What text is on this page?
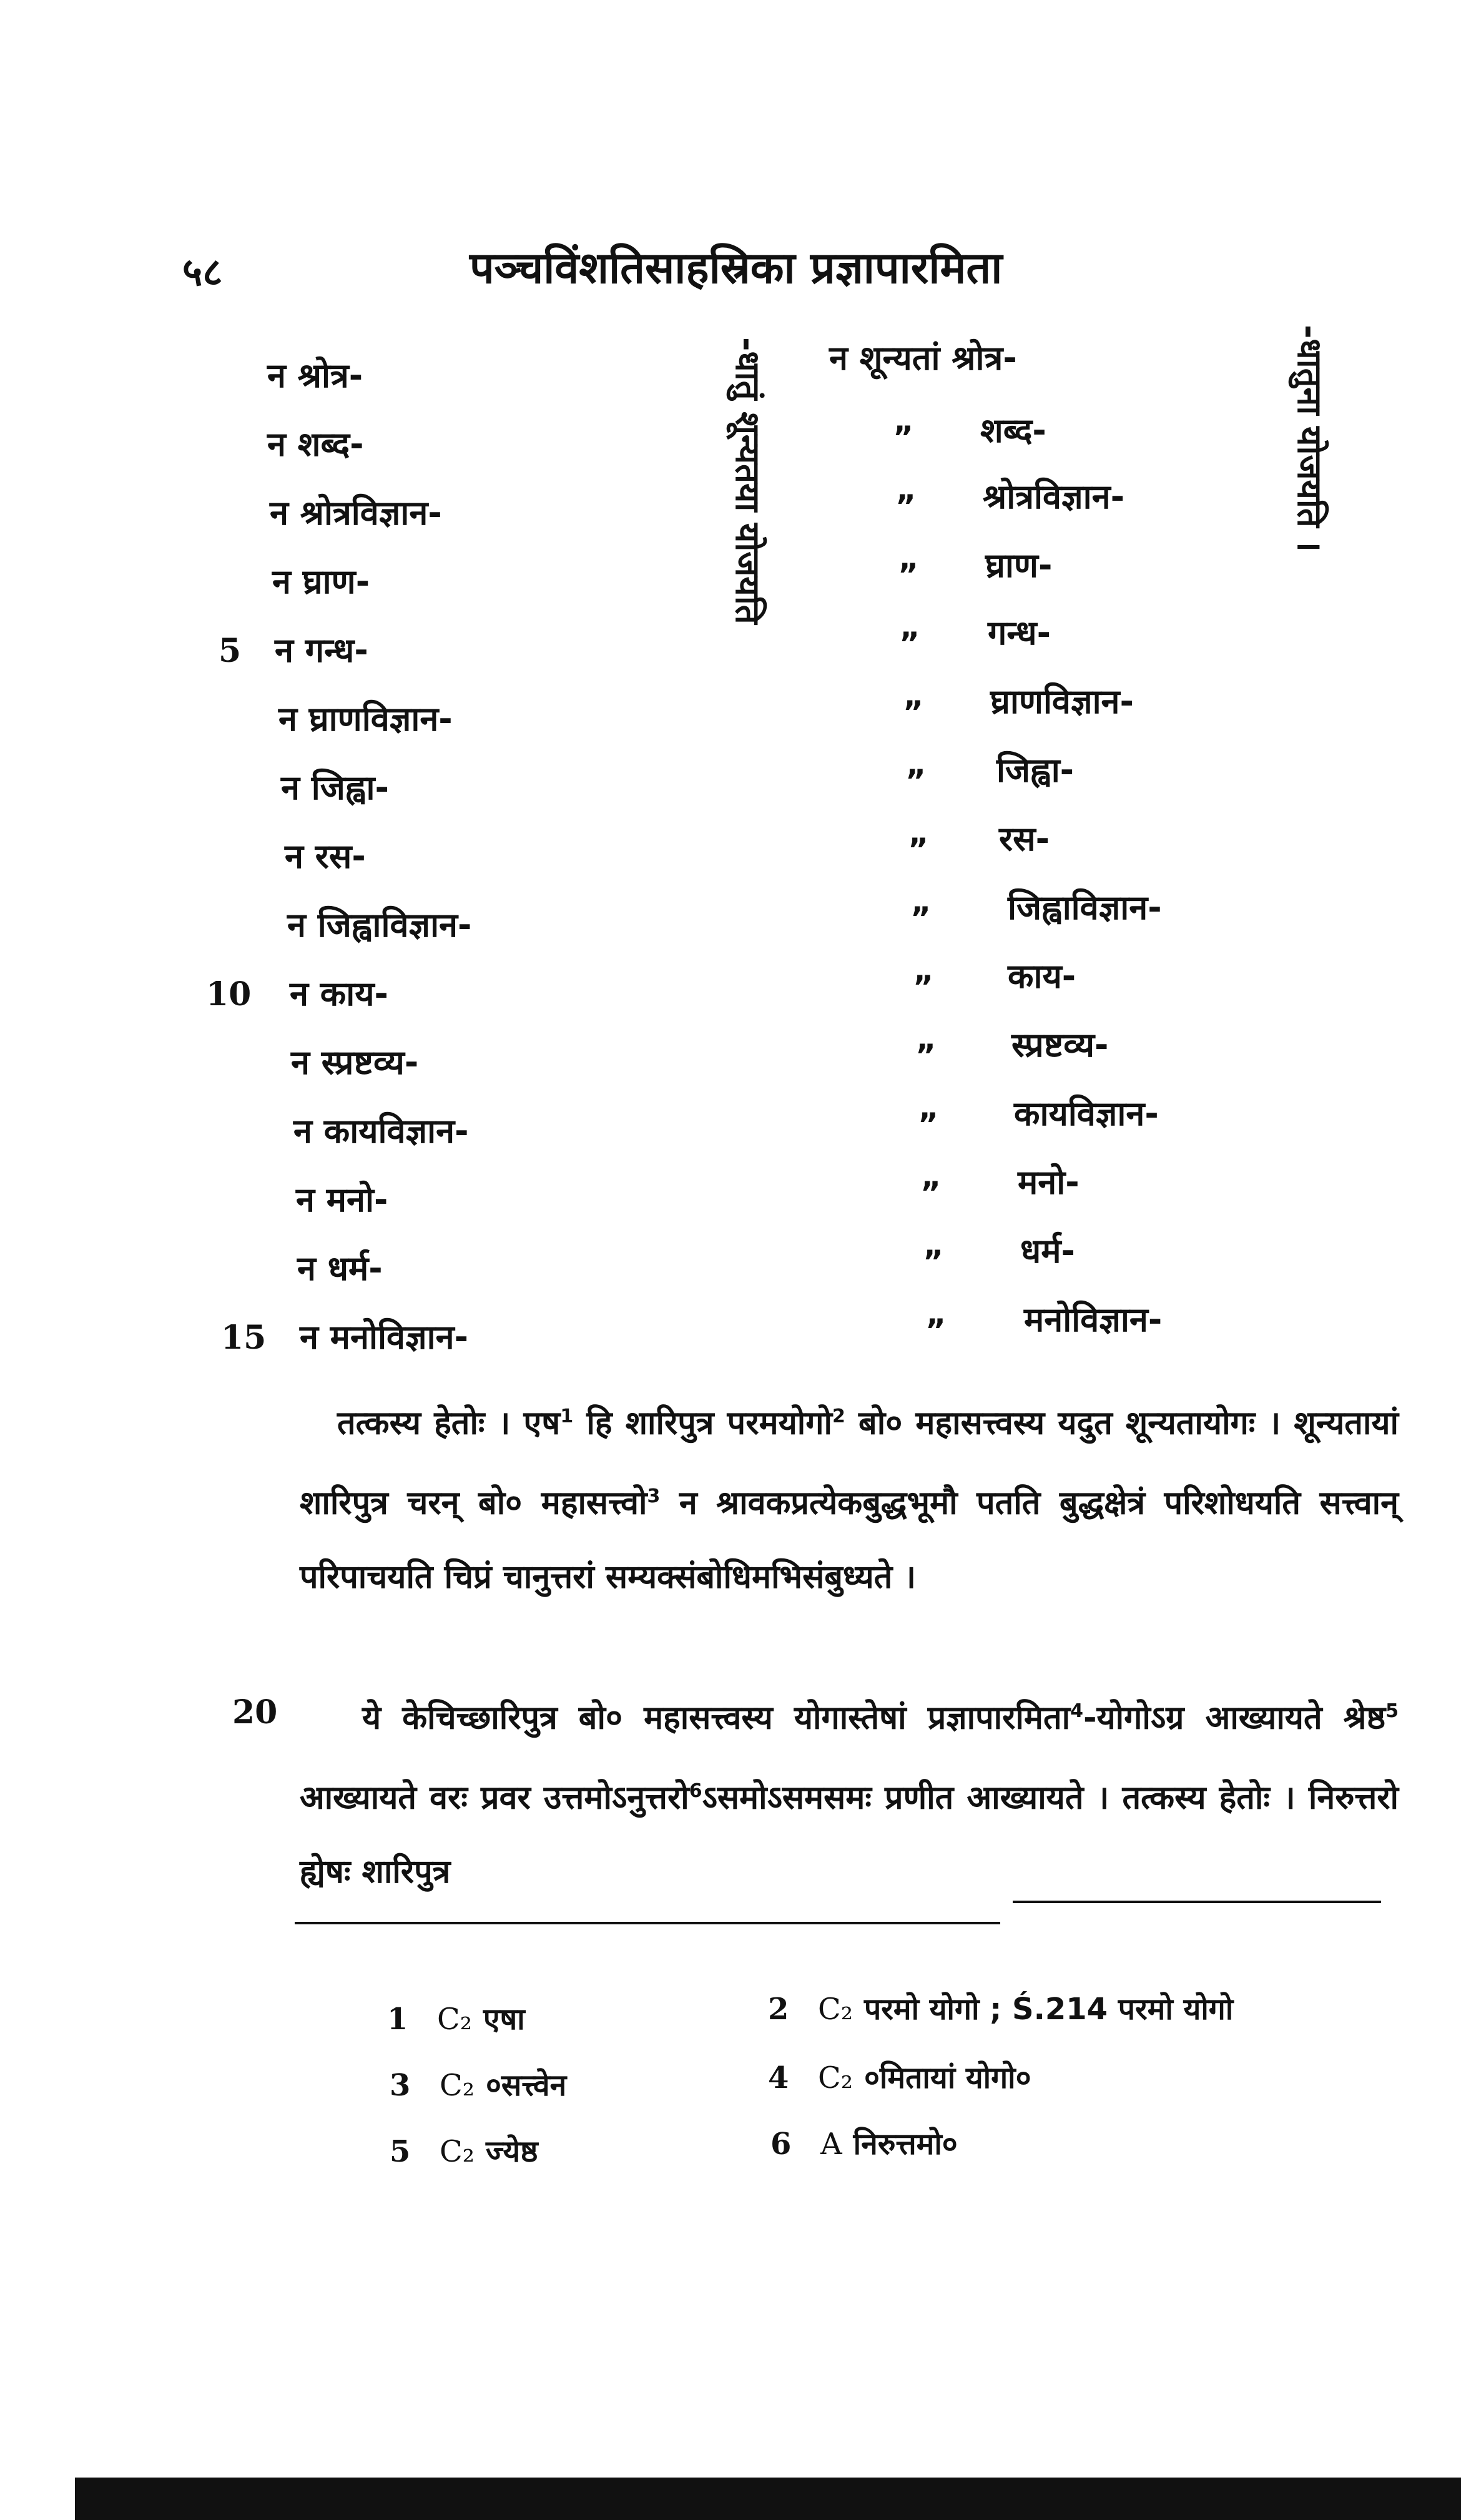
५८	पञ्चविंशतिसाहस्रिका प्रज्ञापारमिता
न श्रोत्र-
न शब्द-
न श्रोत्रविज्ञान-
न घ्राण-
न गन्ध-
न घ्राणविज्ञान-
न जिह्वा-
न रस-
न जिह्वाविज्ञान-
न काय-
न स्प्रष्टव्य-
न कायविज्ञान-
न मनो-
न धर्म-
न मनोविज्ञान-
5
10
15
20
-धातुं शून्यतया योजयति	-धातुना योजयति ।
न शून्यतां श्रोत्र-
” शब्द-
” श्रोत्रविज्ञान-
” घ्राण-
” गन्ध-
” घ्राणविज्ञान-
” जिह्वा-
” रस-
” जिह्वाविज्ञान-
” काय-
” स्प्रष्टव्य-
” कायविज्ञान-
” मनो-
” धर्म-
” मनोविज्ञान-
तत्कस्य हेतोः । एष$^1$ हि शारिपुत्र परमयोगो$^2$ बो० महासत्त्वस्य यदुत शून्यतायोगः । शून्यतायां शारिपुत्र चरन् बो० महासत्त्वो$^3$ न श्रावकप्रत्येकबुद्धभूमौ पतति बुद्धक्षेत्रं परिशोधयति सत्त्वान् परिपाचयति चिप्रं चानुत्तरां सम्यक्संबोधिमभिसंबुध्यते ।
ये केचिच्छारिपुत्र बो० महासत्त्वस्य योगास्तेषां प्रज्ञापारमिता$^4$-योगोऽग्र आख्यायते श्रेष्ठ$^5$ आख्यायते वरः प्रवर उत्तमोऽनुत्तरो$^6$ऽसमोऽसमसमः प्रणीत आख्यायते । तत्कस्य हेतोः । निरुत्तरो ह्येषः शारिपुत्र
1 C₂ एषा	2 C₂ परमो योगो ; Ś.214 परमो योगो
3 C₂ ०सत्त्वेन	4 C₂ ०मितायां योगो०
5 C₂ ज्येष्ठ	6 A निरुत्तमो०
